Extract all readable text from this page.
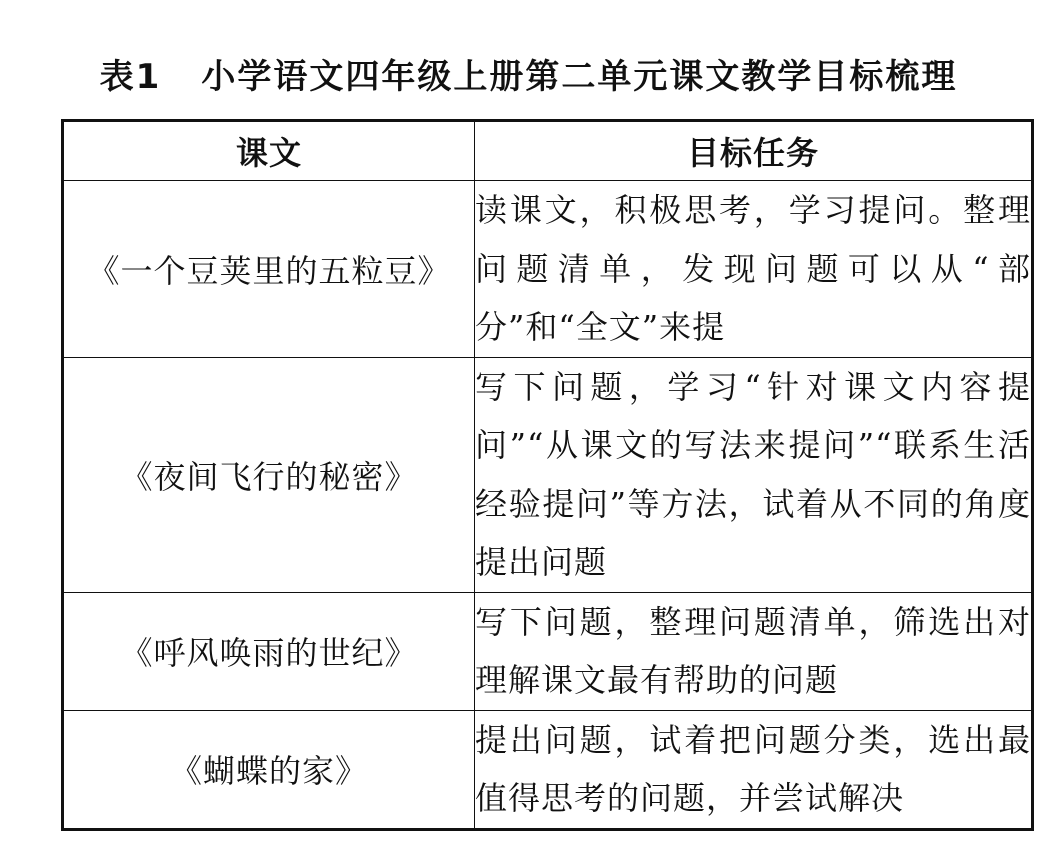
表1 小学语文四年级上册第二单元课文教学目标梳理
课文	目标任务
《一个豆荚里的五粒豆》	读课文，积极思考，学习提问。整理问题清单，发现问题可以从“部分”和“全文”来提
《夜间飞行的秘密》	写下问题，学习“针对课文内容提问”“从课文的写法来提问”“联系生活经验提问”等方法，试着从不同的角度提出问题
《呼风唤雨的世纪》	写下问题，整理问题清单，筛选出对理解课文最有帮助的问题
《蝴蝶的家》	提出问题，试着把问题分类，选出最值得思考的问题，并尝试解决
